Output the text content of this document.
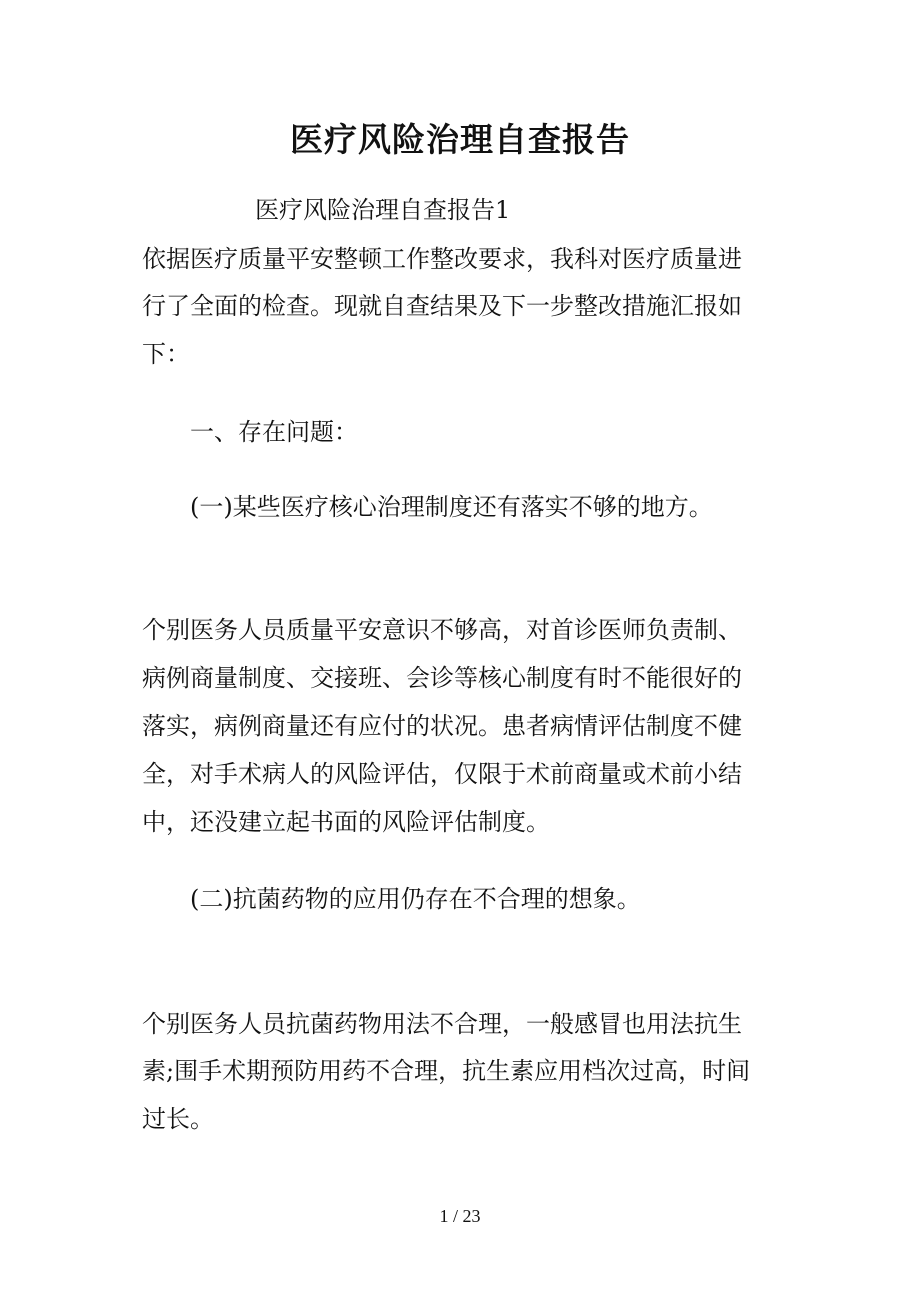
医疗风险治理自查报告
医疗风险治理自查报告1
依据医疗质量平安整顿工作整改要求，我科对医疗质量进
行了全面的检查。现就自查结果及下一步整改措施汇报如
下：
一、存在问题：
(一)某些医疗核心治理制度还有落实不够的地方。
个别医务人员质量平安意识不够高，对首诊医师负责制、
病例商量制度、交接班、会诊等核心制度有时不能很好的
落实，病例商量还有应付的状况。患者病情评估制度不健
全，对手术病人的风险评估，仅限于术前商量或术前小结
中，还没建立起书面的风险评估制度。
(二)抗菌药物的应用仍存在不合理的想象。
个别医务人员抗菌药物用法不合理，一般感冒也用法抗生
素;围手术期预防用药不合理，抗生素应用档次过高，时间
过长。
1 / 23
